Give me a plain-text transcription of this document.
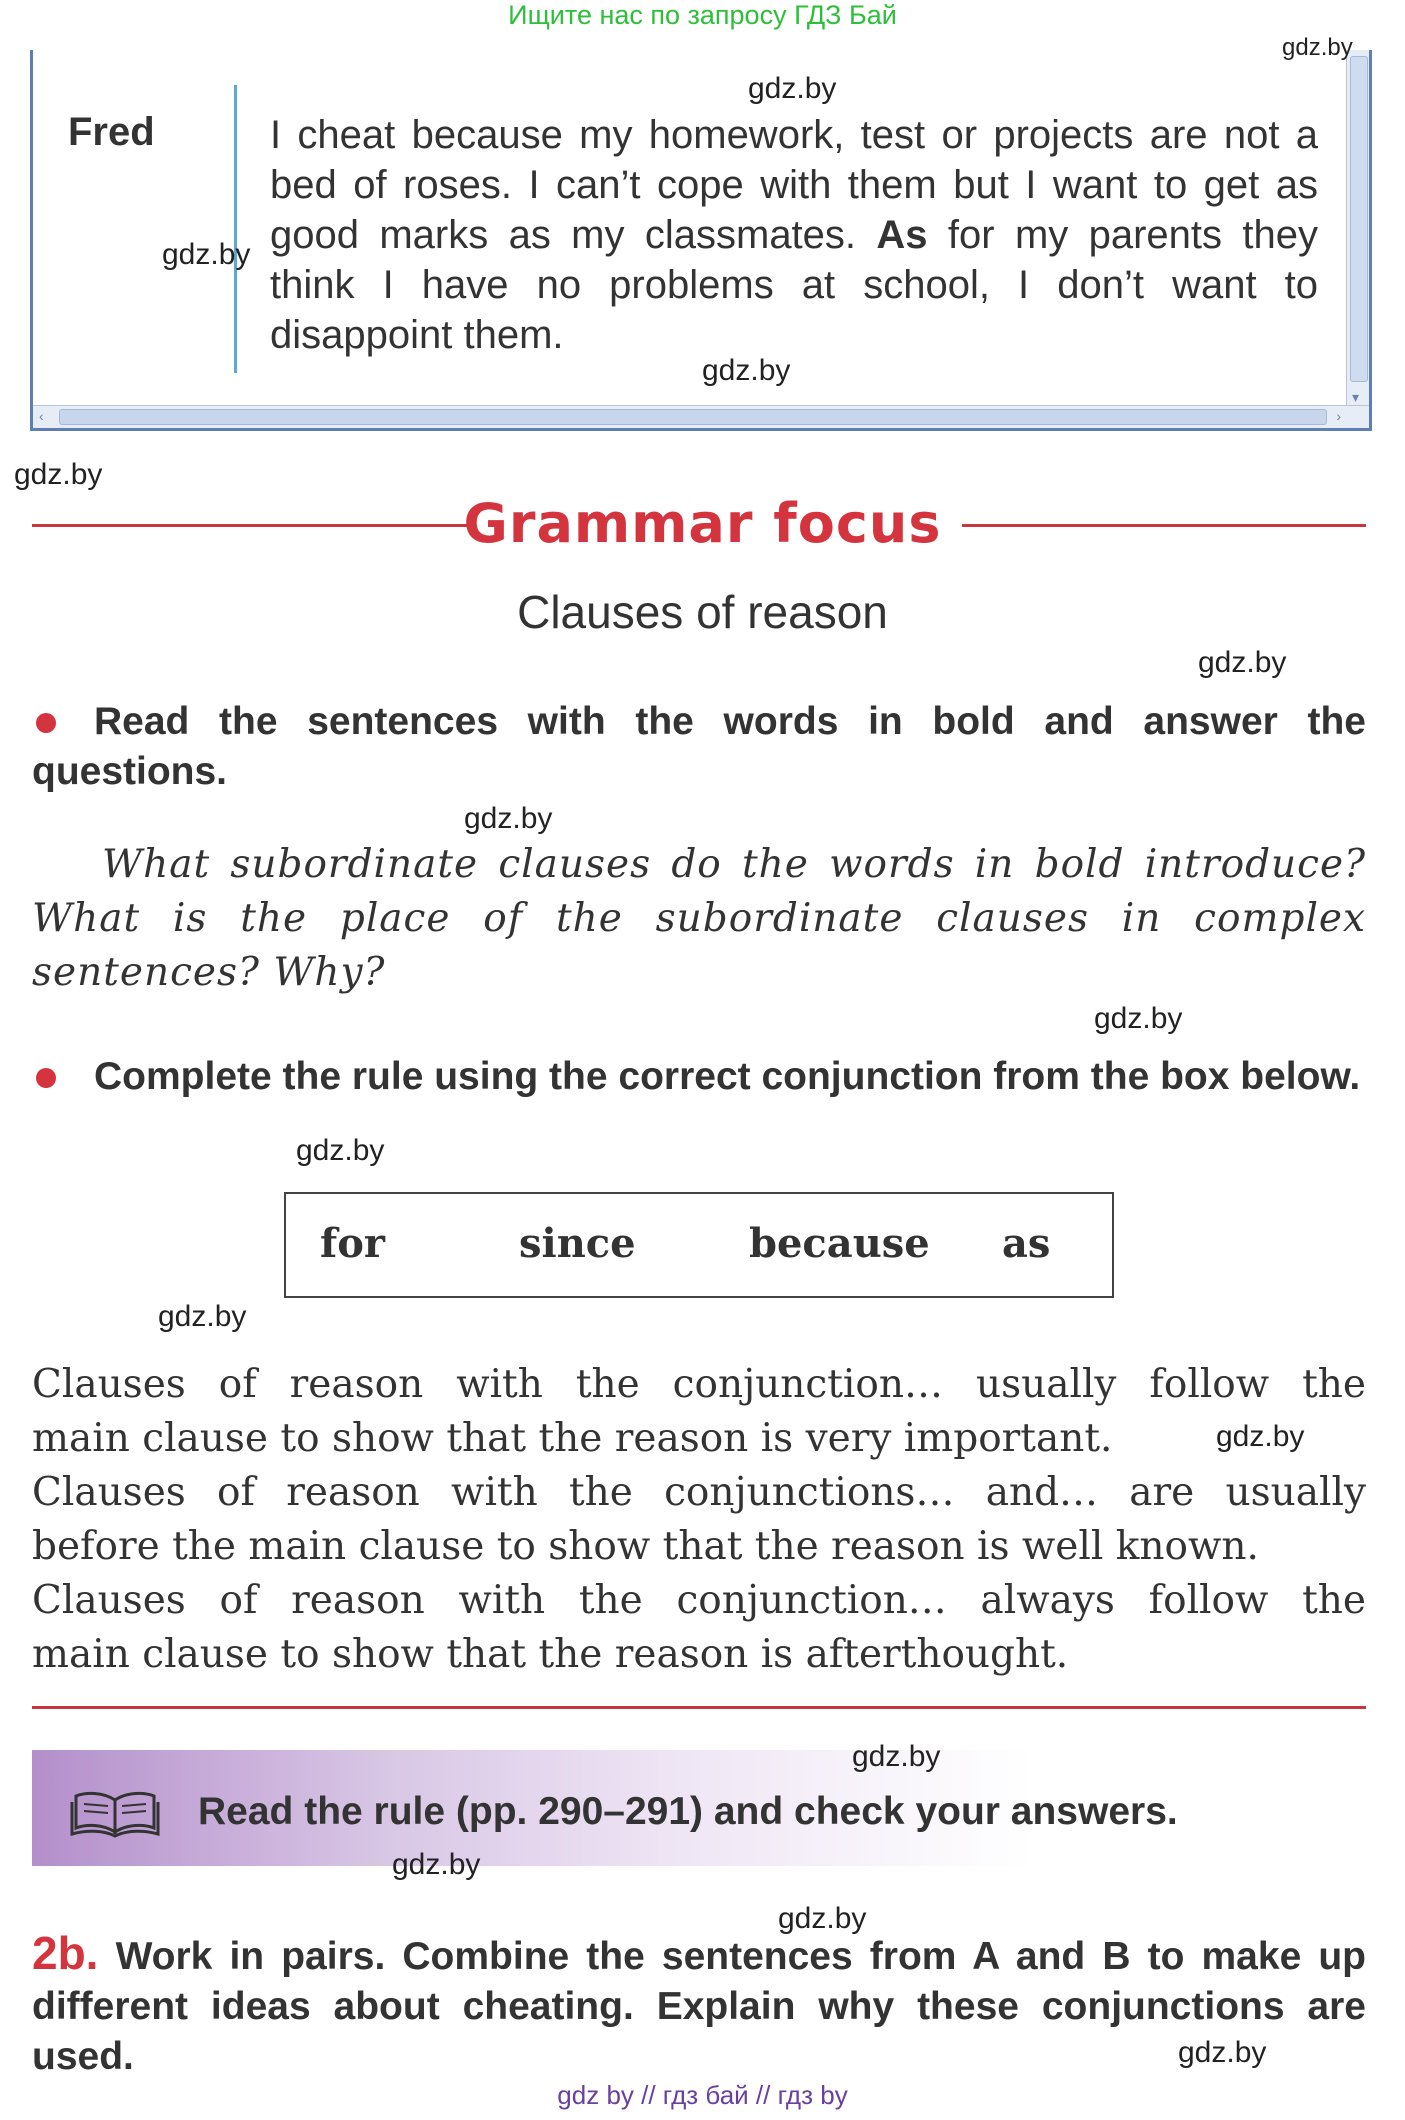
Ищите нас по запросу ГДЗ Бай
▾
‹	›
Fred	I cheat because my homework, test or projects are not a bed of roses. I can’t cope with them but I want to get as good marks as my classmates. As for my parents they think I have no problems at school, I don’t want to disappoint them.
Grammar focus
Clauses of reason
Read the sentences with the words in bold and answer the questions.
What subordinate clauses do the words in bold introduce? What is the place of the subordinate clauses in complex sentences? Why?
Complete the rule using the correct conjunction from the box below.
for	since	because as
Clauses of reason with the conjunction… usually follow the
main clause to show that the reason is very important.
Clauses of reason with the conjunctions… and… are usually
before the main clause to show that the reason is well known.
Clauses of reason with the conjunction… always follow the
main clause to show that the reason is afterthought.
Read the rule (pp. 290–291) and check your answers.
2b. Work in pairs. Combine the sentences from A and B to make up different ideas about cheating. Explain why these conjunctions are used.
gdz.by
gdz.by
gdz.by
gdz.by
gdz.by
gdz.by
gdz.by
gdz.by
gdz.by
gdz.by
gdz.by
gdz.by
gdz.by
gdz.by
gdz.by
gdz by // гдз бай // гдз by
